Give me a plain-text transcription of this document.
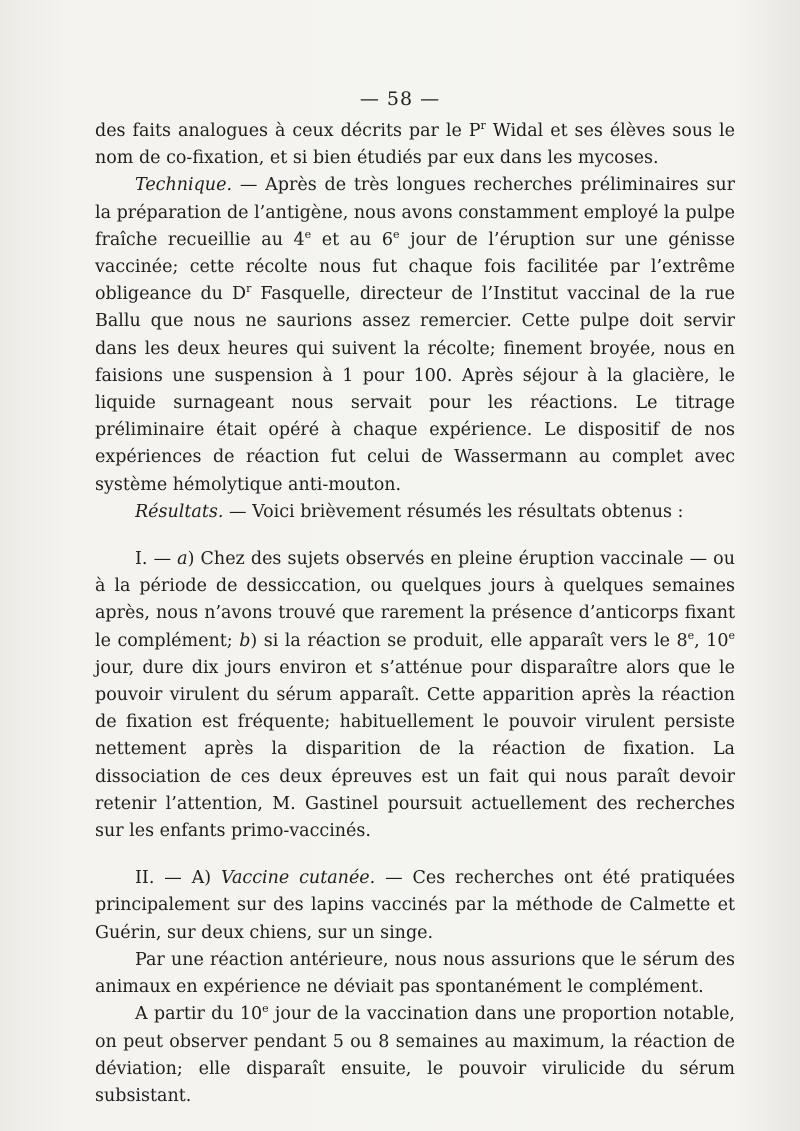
— 58 —

des faits analogues à ceux décrits par le $P^r$ Widal et ses élèves sous le nom de co-fixation, et si bien étudiés par eux dans les mycoses.

Technique. — Après de très longues recherches préliminaires sur la préparation de l’antigène, nous avons constamment employé la pulpe fraîche recueillie au 4e et au 6e jour de l’éruption sur une génisse vaccinée; cette récolte nous fut chaque fois facilitée par l’extrême obligeance du $D^r$ Fasquelle, directeur de l’Institut vaccinal de la rue Ballu que nous ne saurions assez remercier. Cette pulpe doit servir dans les deux heures qui suivent la récolte; finement broyée, nous en faisions une suspension à 1 pour 100. Après séjour à la glacière, le liquide surnageant nous servait pour les réactions. Le titrage préliminaire était opéré à chaque expérience. Le dispositif de nos expériences de réaction fut celui de Wassermann au complet avec système hémolytique anti-mouton.

Résultats. — Voici brièvement résumés les résultats obtenus :

I. — a) Chez des sujets observés en pleine éruption vaccinale — ou à la période de dessiccation, ou quelques jours à quelques semaines après, nous n’avons trouvé que rarement la présence d’anticorps fixant le complément; b) si la réaction se produit, elle apparaît vers le 8e, 10e jour, dure dix jours environ et s’atténue pour disparaître alors que le pouvoir virulent du sérum apparaît. Cette apparition après la réaction de fixation est fréquente; habituellement le pouvoir virulent persiste nettement après la disparition de la réaction de fixation. La dissociation de ces deux épreuves est un fait qui nous paraît devoir retenir l’attention, M. Gastinel poursuit actuellement des recherches sur les enfants primo-vaccinés.

II. — A) Vaccine cutanée. — Ces recherches ont été pratiquées principalement sur des lapins vaccinés par la méthode de Calmette et Guérin, sur deux chiens, sur un singe.

Par une réaction antérieure, nous nous assurions que le sérum des animaux en expérience ne déviait pas spontanément le complément.

A partir du 10e jour de la vaccination dans une proportion notable, on peut observer pendant 5 ou 8 semaines au maximum, la réaction de déviation; elle disparaît ensuite, le pouvoir virulicide du sérum subsistant.
